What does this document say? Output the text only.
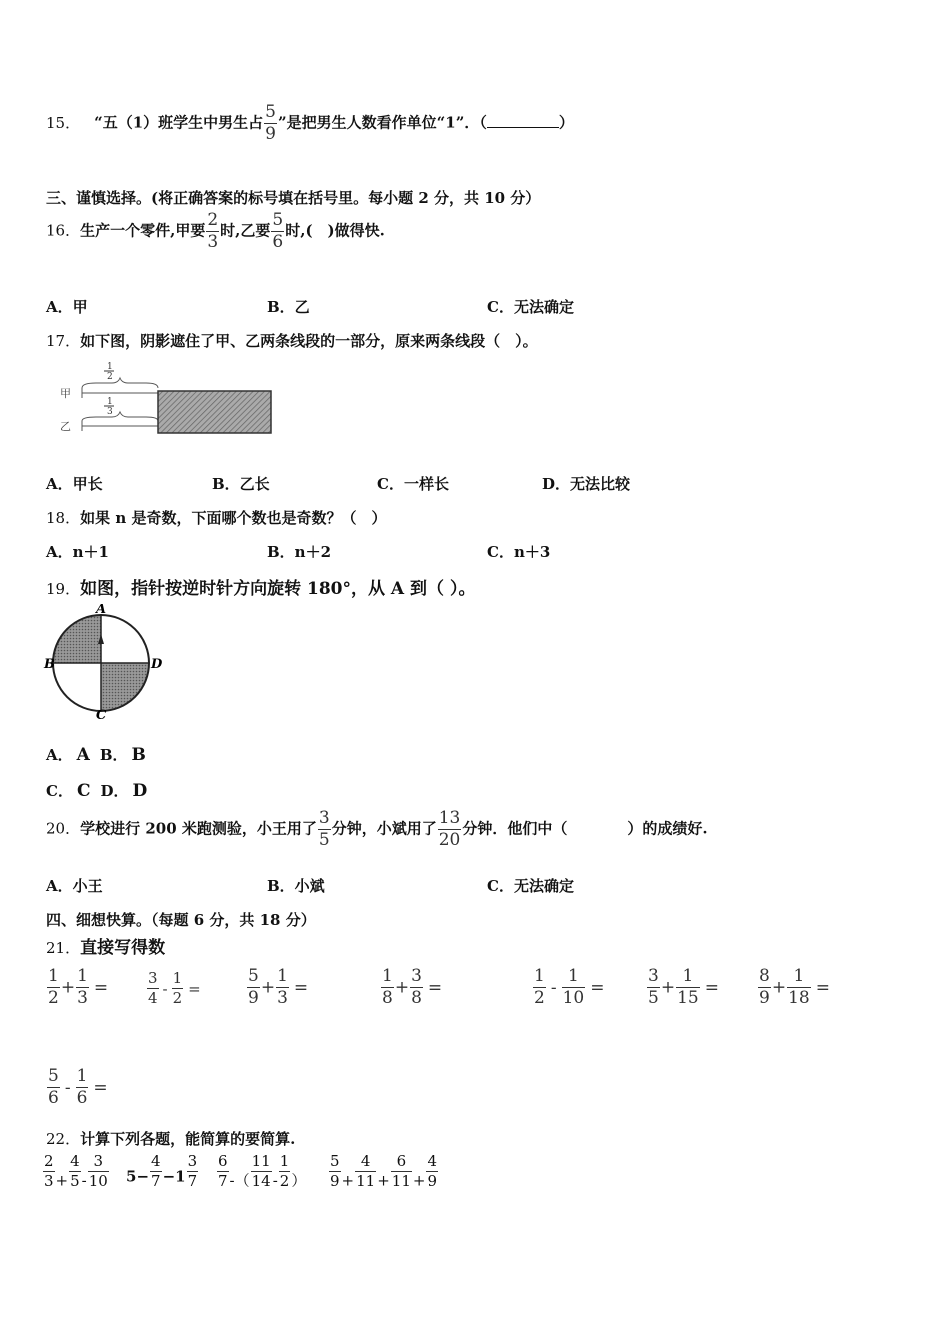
15． “五（1）班学生中男生占 $\frac{5}{9}$ ”是把男生人数看作单位“1”．（	）
三、谨慎选择。(将正确答案的标号填在括号里。每小题 2 分，共 10 分）
16．生产一个零件,甲要 $\frac{2}{3}$ 时,乙要 $\frac{5}{6}$ 时,(　)做得快.
A．甲	B．乙	C．无法确定
17．如下图，阴影遮住了甲、乙两条线段的一部分，原来两条线段（　）。
甲
乙
1
2
1
3
A．甲长	B．乙长	C．一样长	D．无法比较
18．如果 n 是奇数，下面哪个数也是奇数？（　）
A．n＋1	B．n＋2	C．n＋3
19．如图，指针按逆时针方向旋转 180°，从 A 到（ ）。
A
B
C
D
A． A B． B
C． C D． D
20．学校进行 200 米跑测验，小王用了 $\frac{3}{5}$ 分钟，小斌用了 $\frac{13}{20}$ 分钟．他们中（　　　　）的成绩好.
A．小王	B．小斌	C．无法确定
四、细想快算。（每题 6 分，共 18 分）
21．直接写得数
$\frac{1}{2} + \frac{1}{3}$ =	$\frac{3}{4} - \frac{1}{2}$ =	$\frac{5}{9} + \frac{1}{3}$ =	$\frac{1}{8} + \frac{3}{8}$ =	$\frac{1}{2} - \frac{1}{10}$ =	$\frac{3}{5} + \frac{1}{15} = \frac{8}{9} + \frac{1}{18}$ =
$\frac{5}{6} - \frac{1}{6}$ =
22．计算下列各题，能简算的要简算.
$\frac{2}{3} + \frac{4}{5} - \frac{3}{10} 5- \frac{4}{7} -1 \frac{3}{7} \frac{6}{7}$ -（ $\frac{11}{14} - \frac{1}{2}$ ） $\frac{5}{9} + \frac{4}{11} + \frac{6}{11} + \frac{4}{9}$
